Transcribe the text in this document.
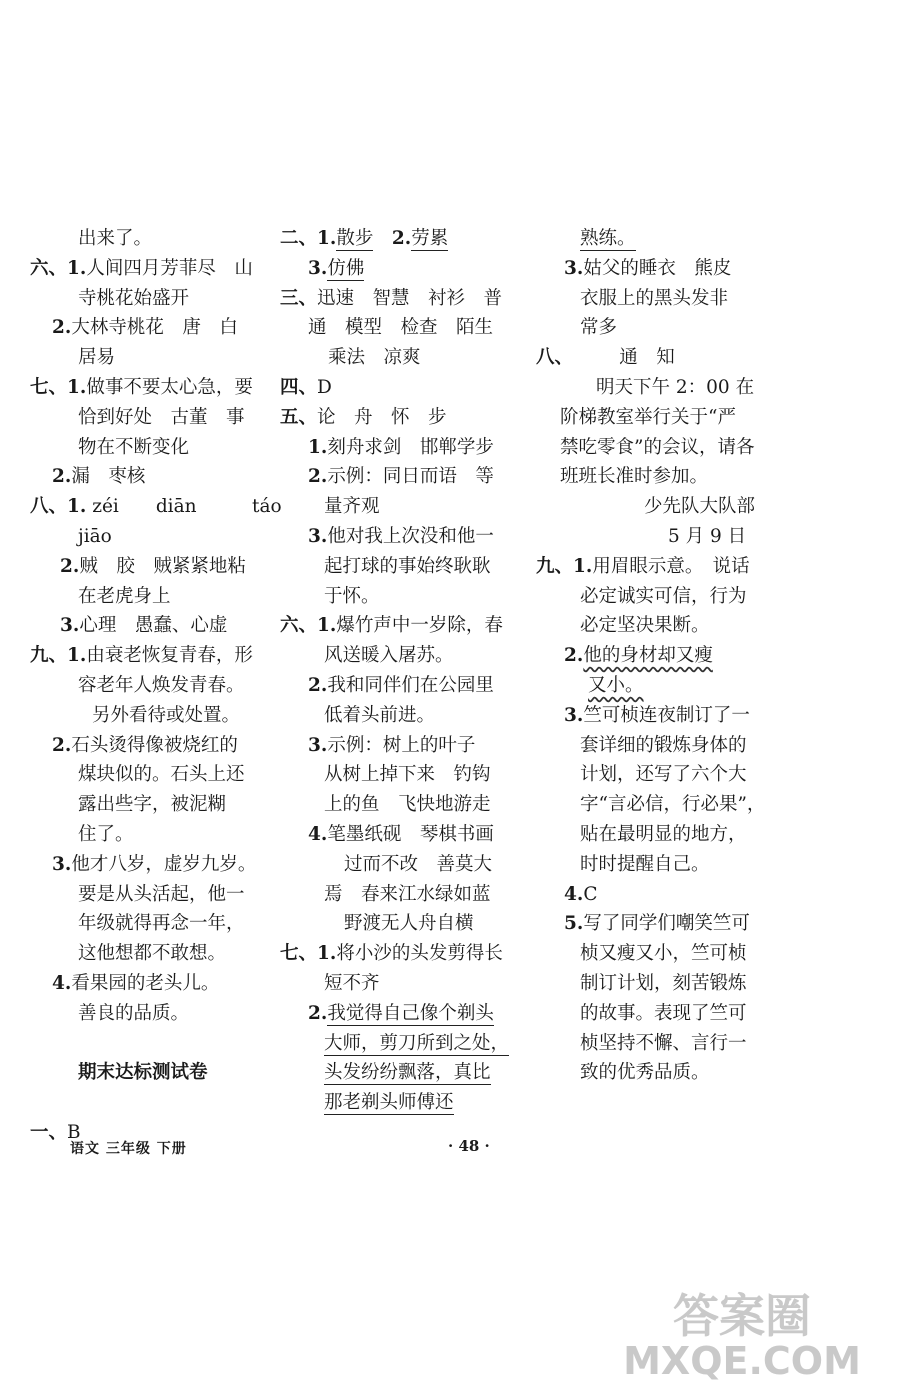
出来了。
六、1.人间四月芳菲尽　山
寺桃花始盛开
2.大林寺桃花　唐　白
居易
七、1.做事不要太心急，要
恰到好处　古董　事
物在不断变化
2.漏　枣核
八、1. zéi　　diān　　　táo
jiāo
2.贼　胶　贼紧紧地粘
在老虎身上
3.心理　愚蠢、心虚
九、1.由衰老恢复青春，形
容老年人焕发青春。
另外看待或处置。
2.石头烫得像被烧红的
煤块似的。石头上还
露出些字，被泥糊
住了。
3.他才八岁，虚岁九岁。
要是从头活起，他一
年级就得再念一年，
这他想都不敢想。
4.看果园的老头儿。
善良的品质。
期末达标测试卷
一、B
二、1.散步　 2.劳累
3.仿佛
三、迅速　智慧　衬衫　普
通　模型　检查　陌生
乘法　凉爽
四、D
五、论　舟　怀　步
1.刻舟求剑　邯郸学步
2.示例：同日而语　等
量齐观
3.他对我上次没和他一
起打球的事始终耿耿
于怀。
六、1.爆竹声中一岁除，春
风送暖入屠苏。
2.我和同伴们在公园里
低着头前进。
3.示例：树上的叶子
从树上掉下来　钓钩
上的鱼　飞快地游走
4.笔墨纸砚　琴棋书画
过而不改　善莫大
焉　春来江水绿如蓝
野渡无人舟自横
七、1.将小沙的头发剪得长
短不齐
2.我觉得自己像个剃头
大师，剪刀所到之处，
头发纷纷飘落，真比
那老剃头师傅还
熟练。
3.姑父的睡衣　熊皮
衣服上的黑头发非
常多
八、　　　通　知
明天下午 2：00 在
阶梯教室举行关于“严
禁吃零食”的会议，请各
班班长准时参加。
少先队大队部
5 月 9 日
九、1.用眉眼示意。　说话
必定诚实可信，行为
必定坚决果断。
2.他的身材却又瘦
又小。
3.竺可桢连夜制订了一
套详细的锻炼身体的
计划，还写了六个大
字“言必信，行必果”，
贴在最明显的地方，
时时提醒自己。
4.C
5.写了同学们嘲笑竺可
桢又瘦又小，竺可桢
制订计划，刻苦锻炼
的故事。表现了竺可
桢坚持不懈、言行一
致的优秀品质。
语文 三年级 下册	· 48 ·
答案圈
MXQE.COM
